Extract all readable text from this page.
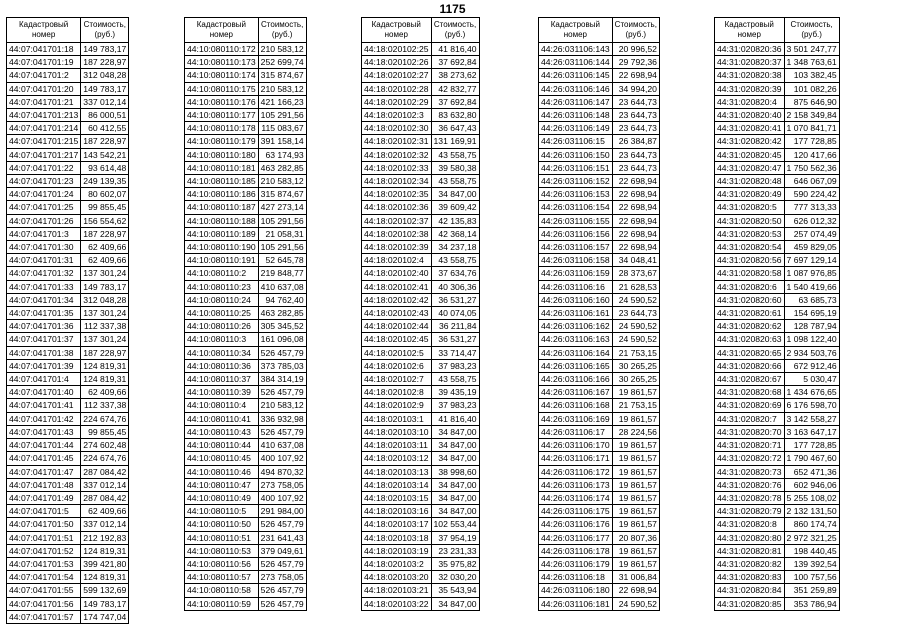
1175
Кадастровый номер	Стоимость, (руб.)
44:07:041701:18	149 783,17
44:07:041701:19	187 228,97
44:07:041701:2	312 048,28
44:07:041701:20	149 783,17
44:07:041701:21	337 012,14
44:07:041701:213	86 000,51
44:07:041701:214	60 412,55
44:07:041701:215	187 228,97
44:07:041701:217	143 542,21
44:07:041701:22	93 614,48
44:07:041701:23	249 139,35
44:07:041701:24	80 602,07
44:07:041701:25	99 855,45
44:07:041701:26	156 554,62
44:07:041701:3	187 228,97
44:07:041701:30	62 409,66
44:07:041701:31	62 409,66
44:07:041701:32	137 301,24
44:07:041701:33	149 783,17
44:07:041701:34	312 048,28
44:07:041701:35	137 301,24
44:07:041701:36	112 337,38
44:07:041701:37	137 301,24
44:07:041701:38	187 228,97
44:07:041701:39	124 819,31
44:07:041701:4	124 819,31
44:07:041701:40	62 409,66
44:07:041701:41	112 337,38
44:07:041701:42	224 674,76
44:07:041701:43	99 855,45
44:07:041701:44	274 602,48
44:07:041701:45	224 674,76
44:07:041701:47	287 084,42
44:07:041701:48	337 012,14
44:07:041701:49	287 084,42
44:07:041701:5	62 409,66
44:07:041701:50	337 012,14
44:07:041701:51	212 192,83
44:07:041701:52	124 819,31
44:07:041701:53	399 421,80
44:07:041701:54	124 819,31
44:07:041701:55	599 132,69
44:07:041701:56	149 783,17
44:07:041701:57	174 747,04
Кадастровый номер	Стоимость, (руб.)
44:10:080110:172	210 583,12
44:10:080110:173	252 699,74
44:10:080110:174	315 874,67
44:10:080110:175	210 583,12
44:10:080110:176	421 166,23
44:10:080110:177	105 291,56
44:10:080110:178	115 083,67
44:10:080110:179	391 158,14
44:10:080110:180	63 174,93
44:10:080110:181	463 282,85
44:10:080110:185	210 583,12
44:10:080110:186	315 874,67
44:10:080110:187	427 273,14
44:10:080110:188	105 291,56
44:10:080110:189	21 058,31
44:10:080110:190	105 291,56
44:10:080110:191	52 645,78
44:10:080110:2	219 848,77
44:10:080110:23	410 637,08
44:10:080110:24	94 762,40
44:10:080110:25	463 282,85
44:10:080110:26	305 345,52
44:10:080110:3	161 096,08
44:10:080110:34	526 457,79
44:10:080110:36	373 785,03
44:10:080110:37	384 314,19
44:10:080110:39	526 457,79
44:10:080110:4	210 583,12
44:10:080110:41	336 932,98
44:10:080110:43	526 457,79
44:10:080110:44	410 637,08
44:10:080110:45	400 107,92
44:10:080110:46	494 870,32
44:10:080110:47	273 758,05
44:10:080110:49	400 107,92
44:10:080110:5	291 984,00
44:10:080110:50	526 457,79
44:10:080110:51	231 641,43
44:10:080110:53	379 049,61
44:10:080110:56	526 457,79
44:10:080110:57	273 758,05
44:10:080110:58	526 457,79
44:10:080110:59	526 457,79
Кадастровый номер	Стоимость, (руб.)
44:18:020102:25	41 816,40
44:18:020102:26	37 692,84
44:18:020102:27	38 273,62
44:18:020102:28	42 832,77
44:18:020102:29	37 692,84
44:18:020102:3	83 632,80
44:18:020102:30	36 647,43
44:18:020102:31	131 169,91
44:18:020102:32	43 558,75
44:18:020102:33	39 580,38
44:18:020102:34	43 558,75
44:18:020102:35	34 847,00
44:18:020102:36	39 609,42
44:18:020102:37	42 135,83
44:18:020102:38	42 368,14
44:18:020102:39	34 237,18
44:18:020102:4	43 558,75
44:18:020102:40	37 634,76
44:18:020102:41	40 306,36
44:18:020102:42	36 531,27
44:18:020102:43	40 074,05
44:18:020102:44	36 211,84
44:18:020102:45	36 531,27
44:18:020102:5	33 714,47
44:18:020102:6	37 983,23
44:18:020102:7	43 558,75
44:18:020102:8	39 435,19
44:18:020102:9	37 983,23
44:18:020103:1	41 816,40
44:18:020103:10	34 847,00
44:18:020103:11	34 847,00
44:18:020103:12	34 847,00
44:18:020103:13	38 998,60
44:18:020103:14	34 847,00
44:18:020103:15	34 847,00
44:18:020103:16	34 847,00
44:18:020103:17	102 553,44
44:18:020103:18	37 954,19
44:18:020103:19	23 231,33
44:18:020103:2	35 975,82
44:18:020103:20	32 030,20
44:18:020103:21	35 543,94
44:18:020103:22	34 847,00
Кадастровый номер	Стоимость, (руб.)
44:26:031106:143	20 996,52
44:26:031106:144	29 792,36
44:26:031106:145	22 698,94
44:26:031106:146	34 994,20
44:26:031106:147	23 644,73
44:26:031106:148	23 644,73
44:26:031106:149	23 644,73
44:26:031106:15	26 384,87
44:26:031106:150	23 644,73
44:26:031106:151	23 644,73
44:26:031106:152	22 698,94
44:26:031106:153	22 698,94
44:26:031106:154	22 698,94
44:26:031106:155	22 698,94
44:26:031106:156	22 698,94
44:26:031106:157	22 698,94
44:26:031106:158	34 048,41
44:26:031106:159	28 373,67
44:26:031106:16	21 628,53
44:26:031106:160	24 590,52
44:26:031106:161	23 644,73
44:26:031106:162	24 590,52
44:26:031106:163	24 590,52
44:26:031106:164	21 753,15
44:26:031106:165	30 265,25
44:26:031106:166	30 265,25
44:26:031106:167	19 861,57
44:26:031106:168	21 753,15
44:26:031106:169	19 861,57
44:26:031106:17	28 224,56
44:26:031106:170	19 861,57
44:26:031106:171	19 861,57
44:26:031106:172	19 861,57
44:26:031106:173	19 861,57
44:26:031106:174	19 861,57
44:26:031106:175	19 861,57
44:26:031106:176	19 861,57
44:26:031106:177	20 807,36
44:26:031106:178	19 861,57
44:26:031106:179	19 861,57
44:26:031106:18	31 006,84
44:26:031106:180	22 698,94
44:26:031106:181	24 590,52
Кадастровый номер	Стоимость, (руб.)
44:31:020820:36	3 501 247,77
44:31:020820:37	1 348 763,61
44:31:020820:38	103 382,45
44:31:020820:39	101 082,26
44:31:020820:4	875 646,90
44:31:020820:40	2 158 349,84
44:31:020820:41	1 070 841,71
44:31:020820:42	177 728,85
44:31:020820:45	120 417,66
44:31:020820:47	1 750 562,36
44:31:020820:48	646 067,09
44:31:020820:49	590 224,42
44:31:020820:5	777 313,33
44:31:020820:50	626 012,32
44:31:020820:53	257 074,49
44:31:020820:54	459 829,05
44:31:020820:56	7 697 129,14
44:31:020820:58	1 087 976,85
44:31:020820:6	1 540 419,66
44:31:020820:60	63 685,73
44:31:020820:61	154 695,19
44:31:020820:62	128 787,94
44:31:020820:63	1 098 122,40
44:31:020820:65	2 934 503,76
44:31:020820:66	672 912,46
44:31:020820:67	5 030,47
44:31:020820:68	1 434 676,65
44:31:020820:69	6 176 598,70
44:31:020820:7	3 142 558,27
44:31:020820:70	3 163 647,17
44:31:020820:71	177 728,85
44:31:020820:72	1 790 467,60
44:31:020820:73	652 471,36
44:31:020820:76	602 946,06
44:31:020820:78	5 255 108,02
44:31:020820:79	2 132 131,50
44:31:020820:8	860 174,74
44:31:020820:80	2 972 321,25
44:31:020820:81	198 440,45
44:31:020820:82	139 392,54
44:31:020820:83	100 757,56
44:31:020820:84	351 259,89
44:31:020820:85	353 786,94
